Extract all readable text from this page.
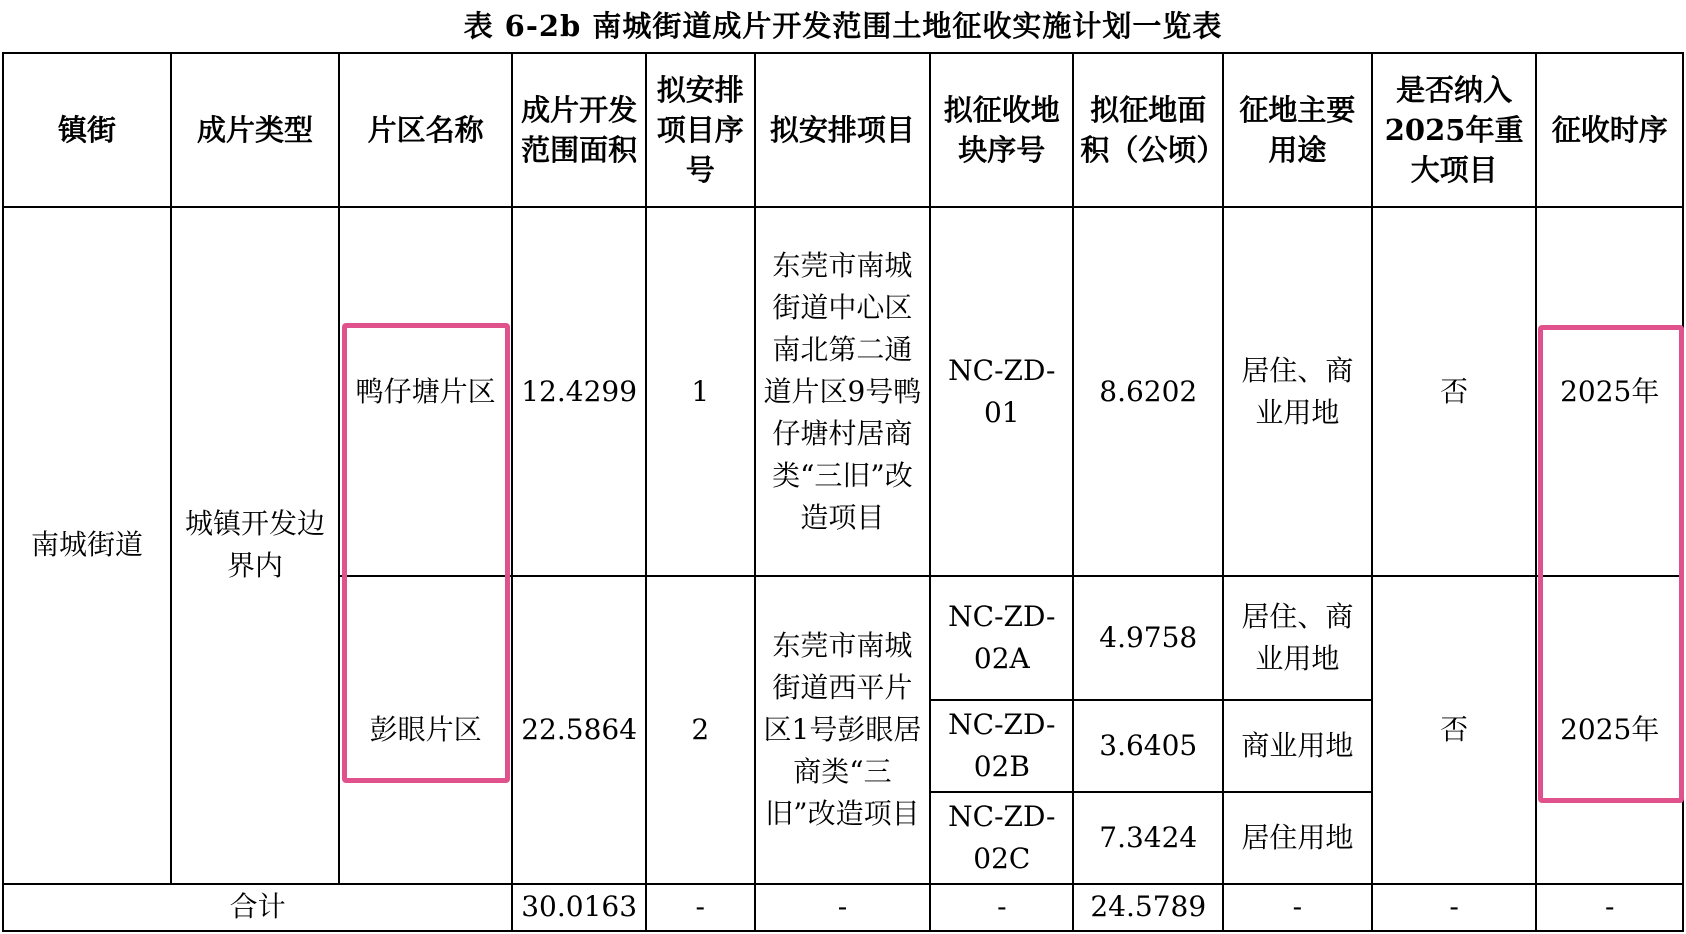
表 6-2b 南城街道成片开发范围土地征收实施计划一览表
镇街	成片类型	片区名称	成片开发范围面积	拟安排项目序号	拟安排项目	拟征收地块序号	拟征地面积（公顷）	征地主要用途	是否纳入2025年重大项目	征收时序
南城街道	城镇开发边界内	鸭仔塘片区	12.4299	1	东莞市南城街道中心区南北第二通道片区9号鸭仔塘村居商类“三旧”改造项目	NC-ZD-01	8.6202	居住、商业用地	否	2025年
		彭眼片区	22.5864	2	东莞市南城街道西平片区1号彭眼居商类“三旧”改造项目	NC-ZD-02A	4.9758	居住、商业用地	否	2025年
						NC-ZD-02B	3.6405	商业用地		
						NC-ZD-02C	7.3424	居住用地		
合计			30.0163	-	-	-	24.5789	-	-	-
